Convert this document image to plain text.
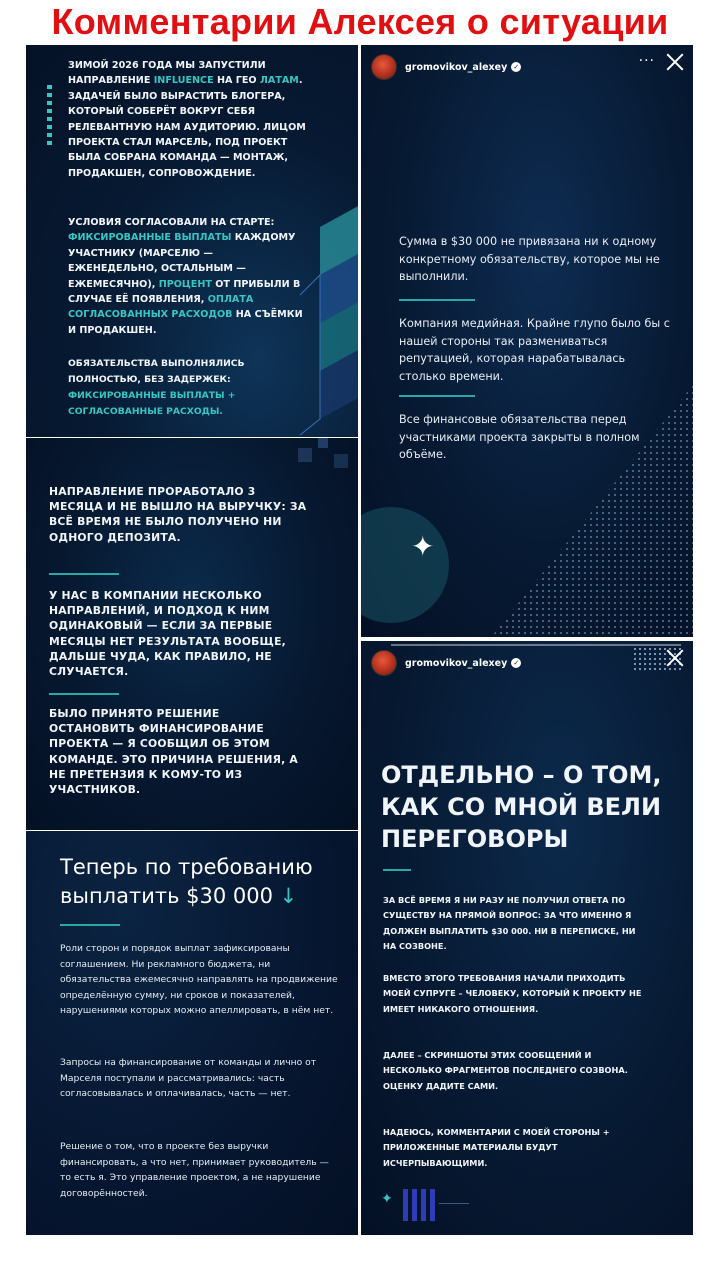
Комментарии Алексея о ситуации
ЗИМОЙ 2026 ГОДА МЫ ЗАПУСТИЛИ НАПРАВЛЕНИЕ INFLUENCE НА ГЕО ЛАТАМ. ЗАДАЧЕЙ БЫЛО ВЫРАСТИТЬ БЛОГЕРА, КОТОРЫЙ СОБЕРЁТ ВОКРУГ СЕБЯ РЕЛЕВАНТНУЮ НАМ АУДИТОРИЮ. ЛИЦОМ ПРОЕКТА СТАЛ МАРСЕЛЬ, ПОД ПРОЕКТ БЫЛА СОБРАНА КОМАНДА — МОНТАЖ, ПРОДАКШЕН, СОПРОВОЖДЕНИЕ.
УСЛОВИЯ СОГЛАСОВАЛИ НА СТАРТЕ: ФИКСИРОВАННЫЕ ВЫПЛАТЫ КАЖДОМУ УЧАСТНИКУ (МАРСЕЛЮ — ЕЖЕНЕДЕЛЬНО, ОСТАЛЬНЫМ — ЕЖЕМЕСЯЧНО), ПРОЦЕНТ ОТ ПРИБЫЛИ В СЛУЧАЕ ЕЁ ПОЯВЛЕНИЯ, ОПЛАТА СОГЛАСОВАННЫХ РАСХОДОВ НА СЪЁМКИ И ПРОДАКШЕН.
ОБЯЗАТЕЛЬСТВА ВЫПОЛНЯЛИСЬ ПОЛНОСТЬЮ, БЕЗ ЗАДЕРЖЕК: ФИКСИРОВАННЫЕ ВЫПЛАТЫ + СОГЛАСОВАННЫЕ РАСХОДЫ.
НАПРАВЛЕНИЕ ПРОРАБОТАЛО 3 МЕСЯЦА И НЕ ВЫШЛО НА ВЫРУЧКУ: ЗА ВСЁ ВРЕМЯ НЕ БЫЛО ПОЛУЧЕНО НИ ОДНОГО ДЕПОЗИТА.
У НАС В КОМПАНИИ НЕСКОЛЬКО НАПРАВЛЕНИЙ, И ПОДХОД К НИМ ОДИНАКОВЫЙ — ЕСЛИ ЗА ПЕРВЫЕ МЕСЯЦЫ НЕТ РЕЗУЛЬТАТА ВООБЩЕ, ДАЛЬШЕ ЧУДА, КАК ПРАВИЛО, НЕ СЛУЧАЕТСЯ.
БЫЛО ПРИНЯТО РЕШЕНИЕ ОСТАНОВИТЬ ФИНАНСИРОВАНИЕ ПРОЕКТА — Я СООБЩИЛ ОБ ЭТОМ КОМАНДЕ. ЭТО ПРИЧИНА РЕШЕНИЯ, А НЕ ПРЕТЕНЗИЯ К КОМУ-ТО ИЗ УЧАСТНИКОВ.
Теперь по требованию выплатить $30 000 ↓
Роли сторон и порядок выплат зафиксированы соглашением. Ни рекламного бюджета, ни обязательства ежемесячно направлять на продвижение определённую сумму, ни сроков и показателей, нарушениями которых можно апеллировать, в нём нет.
Запросы на финансирование от команды и лично от Марселя поступали и рассматривались: часть согласовывалась и оплачивалась, часть — нет.
Решение о том, что в проекте без выручки финансировать, а что нет, принимает руководитель — то есть я. Это управление проектом, а не нарушение договорённостей.
gromovikov_alexey ✓	···
Сумма в $30 000 не привязана ни к одному конкретному обязательству, которое мы не выполнили.
Компания медийная. Крайне глупо было бы с нашей стороны так размениваться репутацией, которая нарабатывалась столько времени.
Все финансовые обязательства перед участниками проекта закрыты в полном объёме.
✦
gromovikov_alexey ✓
ОТДЕЛЬНО – О ТОМ, КАК СО МНОЙ ВЕЛИ ПЕРЕГОВОРЫ
ЗА ВСЁ ВРЕМЯ Я НИ РАЗУ НЕ ПОЛУЧИЛ ОТВЕТА ПО СУЩЕСТВУ НА ПРЯМОЙ ВОПРОС: ЗА ЧТО ИМЕННО Я ДОЛЖЕН ВЫПЛАТИТЬ $30 000. НИ В ПЕРЕПИСКЕ, НИ НА СОЗВОНЕ.
ВМЕСТО ЭТОГО ТРЕБОВАНИЯ НАЧАЛИ ПРИХОДИТЬ МОЕЙ СУПРУГЕ – ЧЕЛОВЕКУ, КОТОРЫЙ К ПРОЕКТУ НЕ ИМЕЕТ НИКАКОГО ОТНОШЕНИЯ.
ДАЛЕЕ – СКРИНШОТЫ ЭТИХ СООБЩЕНИЙ И НЕСКОЛЬКО ФРАГМЕНТОВ ПОСЛЕДНЕГО СОЗВОНА. ОЦЕНКУ ДАДИТЕ САМИ.
НАДЕЮСЬ, КОММЕНТАРИИ С МОЕЙ СТОРОНЫ + ПРИЛОЖЕННЫЕ МАТЕРИАЛЫ БУДУТ ИСЧЕРПЫВАЮЩИМИ.
✦
